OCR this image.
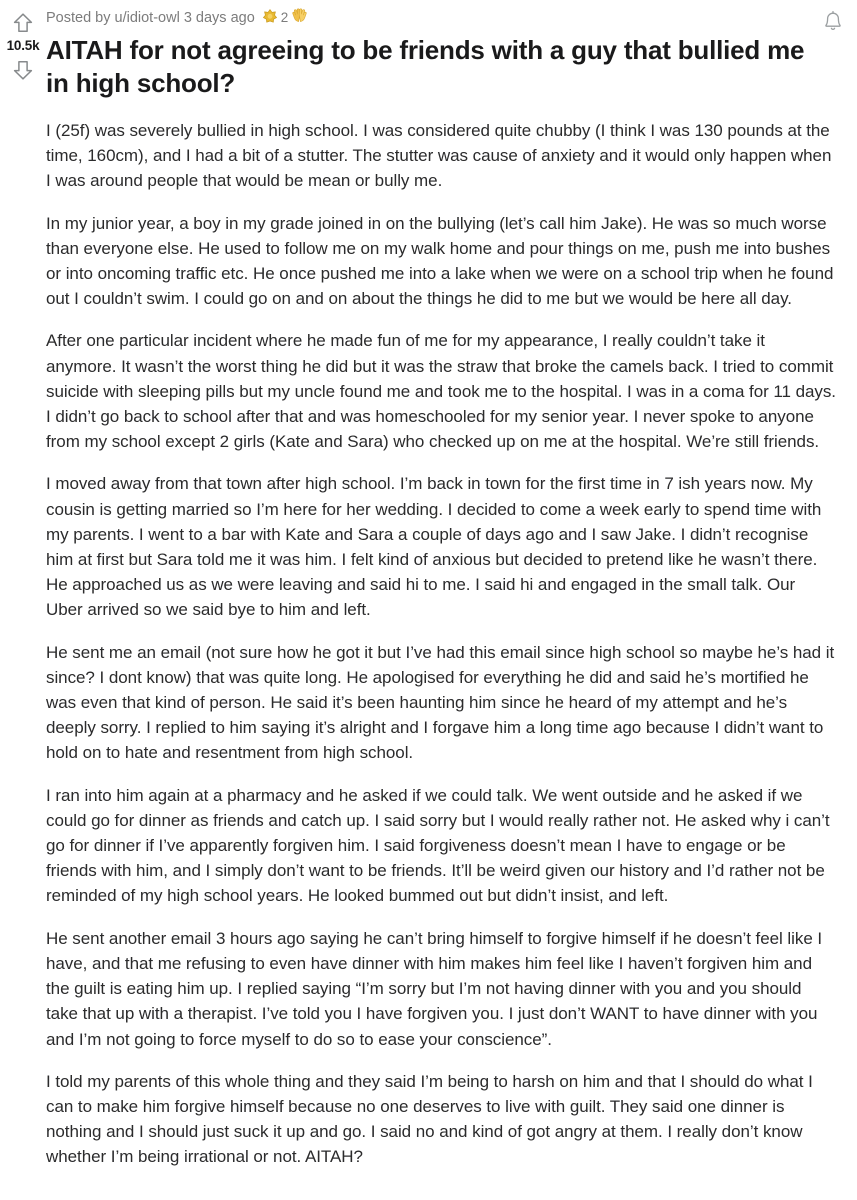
10.5k
Posted by u/idiot-owl 3 days ago 2
AITAH for not agreeing to be friends with a guy that bullied me in high school?

I (25f) was severely bullied in high school. I was considered quite chubby (I think I was 130 pounds at the time, 160cm), and I had a bit of a stutter. The stutter was cause of anxiety and it would only happen when I was around people that would be mean or bully me.

In my junior year, a boy in my grade joined in on the bullying (let’s call him Jake). He was so much worse than everyone else. He used to follow me on my walk home and pour things on me, push me into bushes or into oncoming traffic etc. He once pushed me into a lake when we were on a school trip when he found out I couldn’t swim. I could go on and on about the things he did to me but we would be here all day.

After one particular incident where he made fun of me for my appearance, I really couldn’t take it anymore. It wasn’t the worst thing he did but it was the straw that broke the camels back. I tried to commit suicide with sleeping pills but my uncle found me and took me to the hospital. I was in a coma for 11 days. I didn’t go back to school after that and was homeschooled for my senior year. I never spoke to anyone from my school except 2 girls (Kate and Sara) who checked up on me at the hospital. We’re still friends.

I moved away from that town after high school. I’m back in town for the first time in 7 ish years now. My cousin is getting married so I’m here for her wedding. I decided to come a week early to spend time with my parents. I went to a bar with Kate and Sara a couple of days ago and I saw Jake. I didn’t recognise him at first but Sara told me it was him. I felt kind of anxious but decided to pretend like he wasn’t there. He approached us as we were leaving and said hi to me. I said hi and engaged in the small talk. Our Uber arrived so we said bye to him and left.

He sent me an email (not sure how he got it but I’ve had this email since high school so maybe he’s had it since? I dont know) that was quite long. He apologised for everything he did and said he’s mortified he was even that kind of person. He said it’s been haunting him since he heard of my attempt and he’s deeply sorry. I replied to him saying it’s alright and I forgave him a long time ago because I didn’t want to hold on to hate and resentment from high school.

I ran into him again at a pharmacy and he asked if we could talk. We went outside and he asked if we could go for dinner as friends and catch up. I said sorry but I would really rather not. He asked why i can’t go for dinner if I’ve apparently forgiven him. I said forgiveness doesn’t mean I have to engage or be friends with him, and I simply don’t want to be friends. It’ll be weird given our history and I’d rather not be reminded of my high school years. He looked bummed out but didn’t insist, and left.

He sent another email 3 hours ago saying he can’t bring himself to forgive himself if he doesn’t feel like I have, and that me refusing to even have dinner with him makes him feel like I haven’t forgiven him and the guilt is eating him up. I replied saying “I’m sorry but I’m not having dinner with you and you should take that up with a therapist. I’ve told you I have forgiven you. I just don’t WANT to have dinner with you and I’m not going to force myself to do so to ease your conscience”.

I told my parents of this whole thing and they said I’m being to harsh on him and that I should do what I can to make him forgive himself because no one deserves to live with guilt. They said one dinner is nothing and I should just suck it up and go. I said no and kind of got angry at them. I really don’t know whether I’m being irrational or not. AITAH?
